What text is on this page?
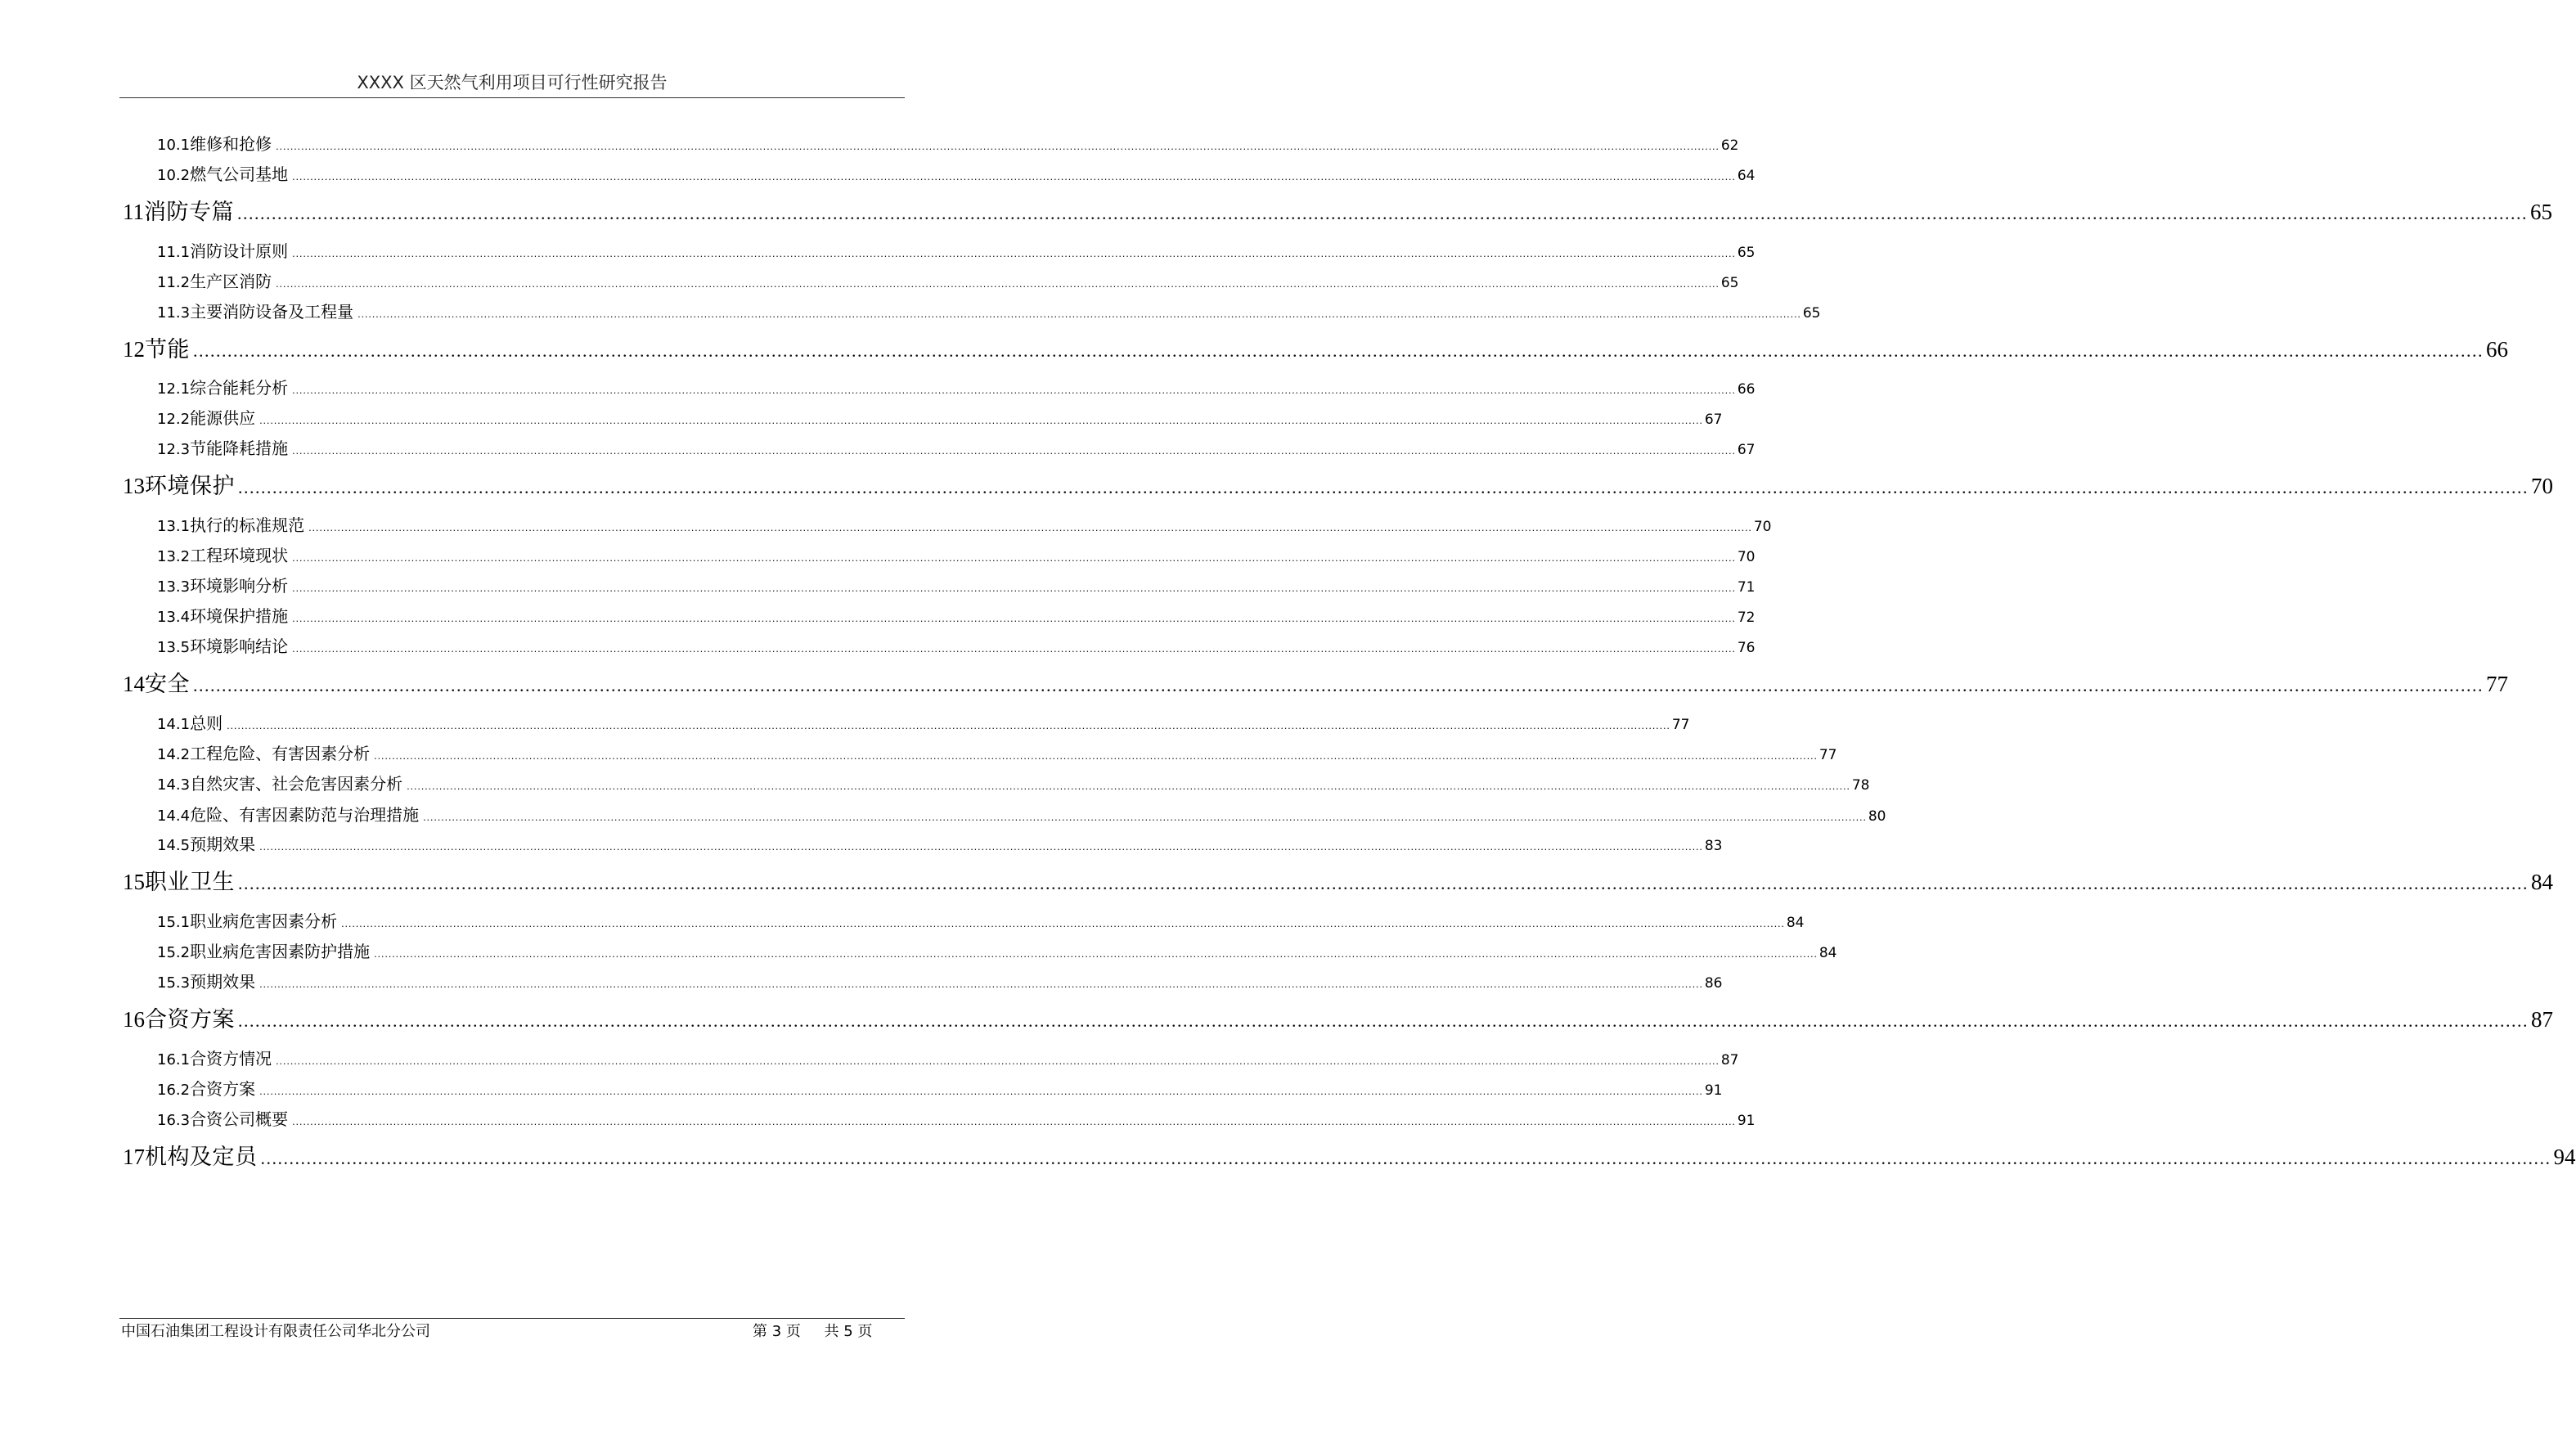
XXXX 区天然气利用项目可行性研究报告
10.1 维修和抢修 ................................................................................................................................................................................................................................................................................................................................................................................................................ 62
10.2 燃气公司基地 ................................................................................................................................................................................................................................................................................................................................................................................................................ 64
11 消防专篇 ................................................................................................................................................................................................................................................................................................................................................................................................................ 65
11.1 消防设计原则 ................................................................................................................................................................................................................................................................................................................................................................................................................ 65
11.2 生产区消防 ................................................................................................................................................................................................................................................................................................................................................................................................................ 65
11.3 主要消防设备及工程量 ................................................................................................................................................................................................................................................................................................................................................................................................................ 65
12 节能 ................................................................................................................................................................................................................................................................................................................................................................................................................ 66
12.1 综合能耗分析 ................................................................................................................................................................................................................................................................................................................................................................................................................ 66
12.2 能源供应 ................................................................................................................................................................................................................................................................................................................................................................................................................ 67
12.3 节能降耗措施 ................................................................................................................................................................................................................................................................................................................................................................................................................ 67
13 环境保护 ................................................................................................................................................................................................................................................................................................................................................................................................................ 70
13.1 执行的标准规范 ................................................................................................................................................................................................................................................................................................................................................................................................................ 70
13.2 工程环境现状 ................................................................................................................................................................................................................................................................................................................................................................................................................ 70
13.3 环境影响分析 ................................................................................................................................................................................................................................................................................................................................................................................................................ 71
13.4 环境保护措施 ................................................................................................................................................................................................................................................................................................................................................................................................................ 72
13.5 环境影响结论 ................................................................................................................................................................................................................................................................................................................................................................................................................ 76
14 安全 ................................................................................................................................................................................................................................................................................................................................................................................................................ 77
14.1 总则 ................................................................................................................................................................................................................................................................................................................................................................................................................ 77
14.2 工程危险、有害因素分析 ................................................................................................................................................................................................................................................................................................................................................................................................................ 77
14.3 自然灾害、社会危害因素分析 ................................................................................................................................................................................................................................................................................................................................................................................................................ 78
14.4 危险、有害因素防范与治理措施 ................................................................................................................................................................................................................................................................................................................................................................................................................ 80
14.5 预期效果 ................................................................................................................................................................................................................................................................................................................................................................................................................ 83
15 职业卫生 ................................................................................................................................................................................................................................................................................................................................................................................................................ 84
15.1 职业病危害因素分析 ................................................................................................................................................................................................................................................................................................................................................................................................................ 84
15.2 职业病危害因素防护措施 ................................................................................................................................................................................................................................................................................................................................................................................................................ 84
15.3 预期效果 ................................................................................................................................................................................................................................................................................................................................................................................................................ 86
16 合资方案 ................................................................................................................................................................................................................................................................................................................................................................................................................ 87
16.1 合资方情况 ................................................................................................................................................................................................................................................................................................................................................................................................................ 87
16.2 合资方案 ................................................................................................................................................................................................................................................................................................................................................................................................................ 91
16.3 合资公司概要 ................................................................................................................................................................................................................................................................................................................................................................................................................ 91
17 机构及定员 ................................................................................................................................................................................................................................................................................................................................................................................................................ 94
中国石油集团工程设计有限责任公司华北分公司	第 3 页 共 5 页
